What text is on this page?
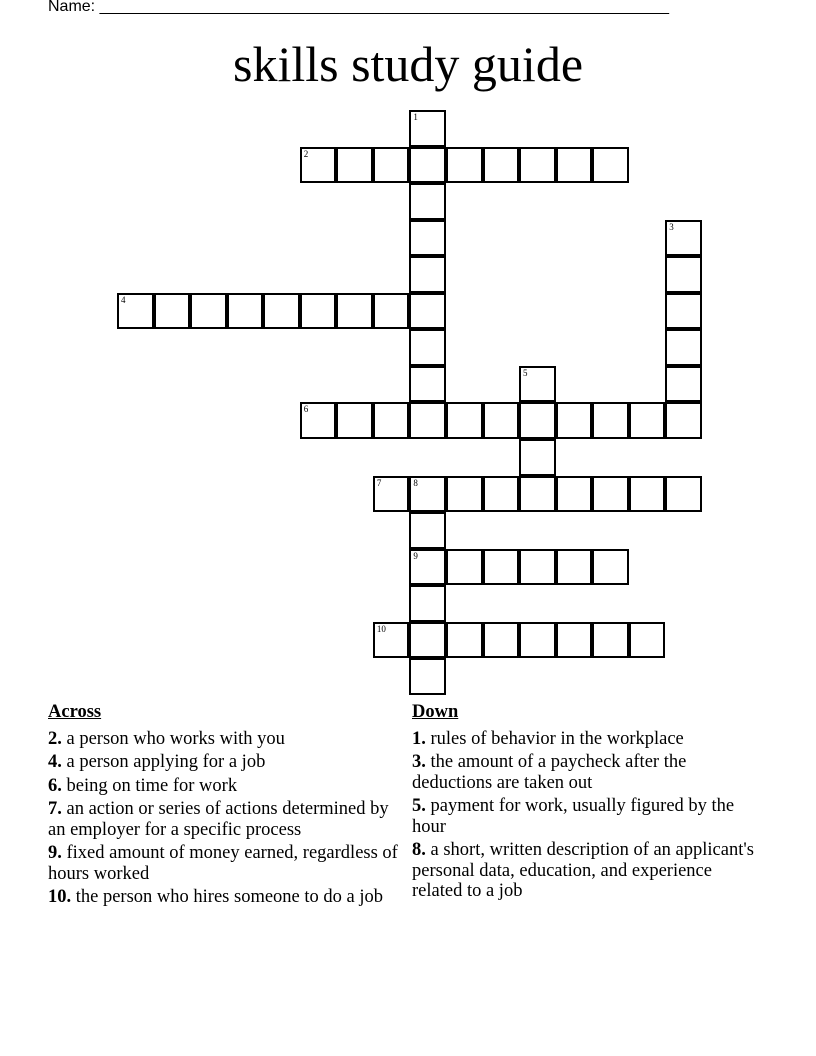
Name: ________________________________________________________________
skills study guide
1
2
3
4
5
6
7	8
9
10
Across
2. a person who works with you
4. a person applying for a job
6. being on time for work
7. an action or series of actions determined by an employer for a specific process
9. fixed amount of money earned, regardless of hours worked
10. the person who hires someone to do a job
Down
1. rules of behavior in the workplace
3. the amount of a paycheck after the deductions are taken out
5. payment for work, usually figured by the hour
8. a short, written description of an applicant's personal data, education, and experience related to a job
